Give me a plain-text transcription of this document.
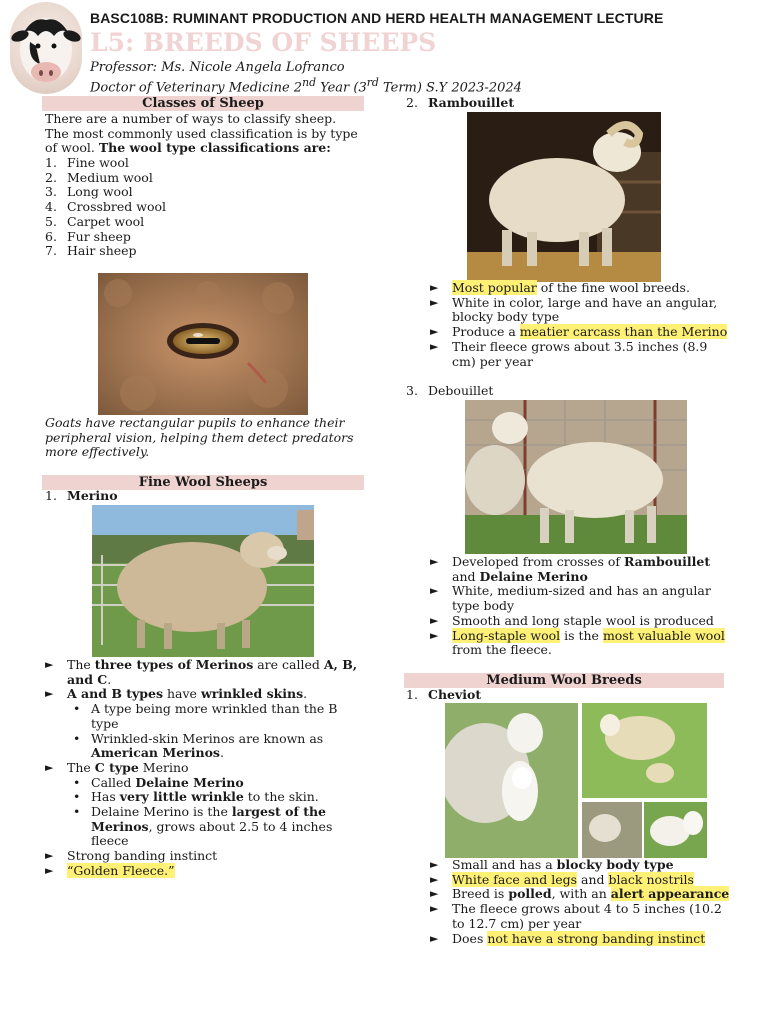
BASC108B: RUMINANT PRODUCTION AND HERD HEALTH MANAGEMENT LECTURE
L5: BREEDS OF SHEEPS
Professor: Ms. Nicole Angela Lofranco
Doctor of Veterinary Medicine 2nd Year (3rd Term) S.Y 2023-2024
Classes of Sheep
There are a number of ways to classify sheep. The most commonly used classification is by type of wool. The wool type classifications are:
1. Fine wool
2. Medium wool
3. Long wool
4. Crossbred wool
5. Carpet wool
6. Fur sheep
7. Hair sheep
Goats have rectangular pupils to enhance their peripheral vision, helping them detect predators more effectively.
Fine Wool Sheeps
1. Merino
► The three types of Merinos are called A, B, and C.
► A and B types have wrinkled skins.
• A type being more wrinkled than the B type
• Wrinkled-skin Merinos are known as American Merinos.
► The C type Merino
• Called Delaine Merino
• Has very little wrinkle to the skin.
• Delaine Merino is the largest of the Merinos, grows about 2.5 to 4 inches fleece
► Strong banding instinct
► “Golden Fleece.”
2. Rambouillet
► Most popular of the fine wool breeds.
► White in color, large and have an angular, blocky body type
► Produce a meatier carcass than the Merino
► Their fleece grows about 3.5 inches (8.9 cm) per year
3. Debouillet
► Developed from crosses of Rambouillet and Delaine Merino
► White, medium-sized and has an angular type body
► Smooth and long staple wool is produced
► Long-staple wool is the most valuable wool from the fleece.
Medium Wool Breeds
1. Cheviot
► Small and has a blocky body type
► White face and legs and black nostrils
► Breed is polled, with an alert appearance
► The fleece grows about 4 to 5 inches (10.2 to 12.7 cm) per year
► Does not have a strong banding instinct
